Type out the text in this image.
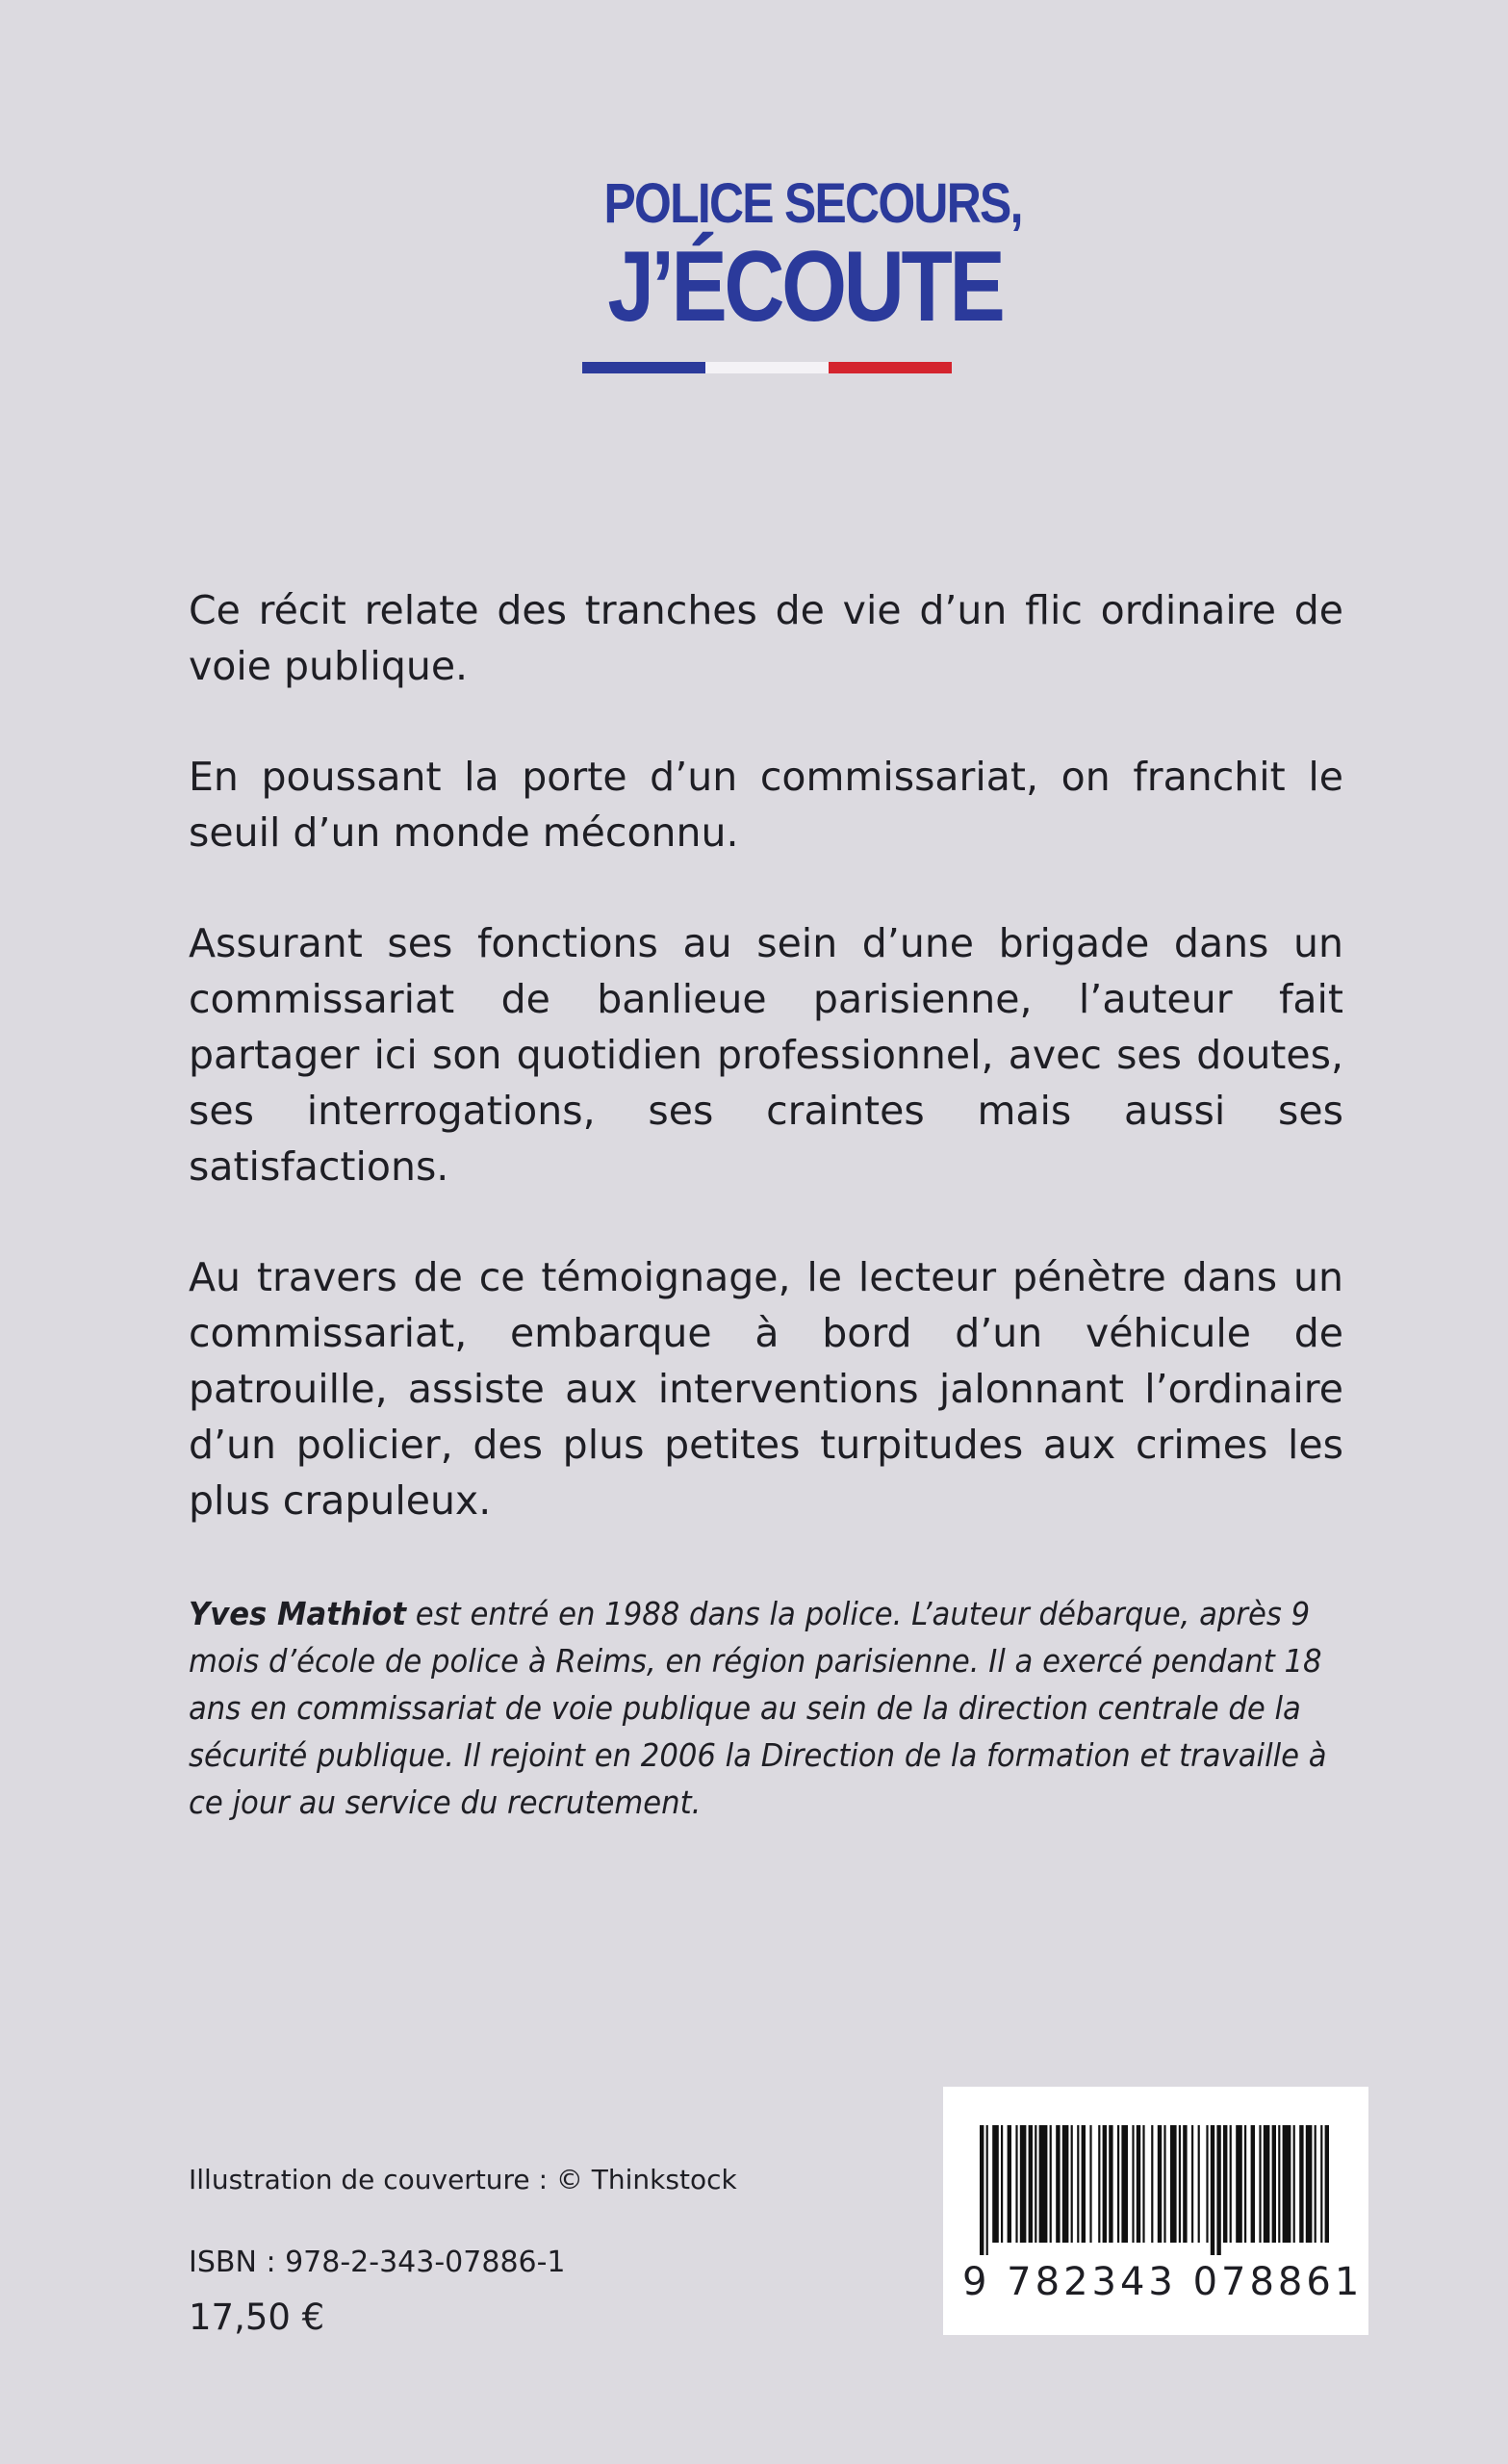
POLICE SECOURS,
J’ÉCOUTE

Ce récit relate des tranches de vie d’un flic ordinaire de voie publique.

En poussant la porte d’un commissariat, on franchit le seuil d’un monde méconnu.

Assurant ses fonctions au sein d’une brigade dans un commissariat de banlieue parisienne, l’auteur fait partager ici son quotidien professionnel, avec ses doutes, ses interrogations, ses craintes mais aussi ses satisfactions.

Au travers de ce témoignage, le lecteur pénètre dans un commissariat, embarque à bord d’un véhicule de patrouille, assiste aux interventions jalonnant l’ordinaire d’un policier, des plus petites turpitudes aux crimes les plus crapuleux.

Yves Mathiot est entré en 1988 dans la police. L’auteur débarque, après 9 mois d’école de police à Reims, en région parisienne. Il a exercé pendant 18 ans en commissariat de voie publique au sein de la direction centrale de la sécurité publique. Il rejoint en 2006 la Direction de la formation et travaille à ce jour au service du recrutement.
Illustration de couverture : © Thinkstock
ISBN : 978-2-343-07886-1
17,50 €
9 782343 078861
